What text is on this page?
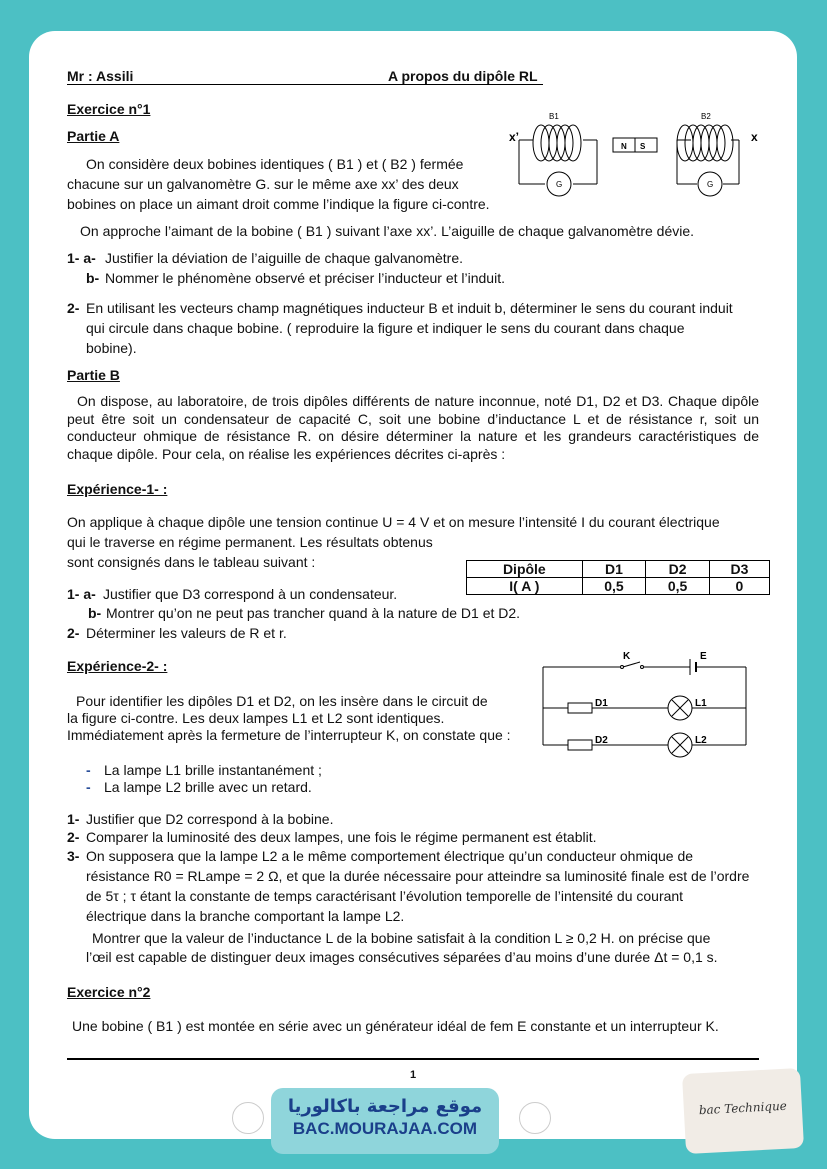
Mr : Assili	A propos du dipôle RL
Exercice n°1
Partie A
B1	B2
N S
G	G
x’	x
On considère deux bobines identiques ( B1 ) et ( B2 ) fermée
chacune sur un galvanomètre G. sur le même axe xx’ des deux
bobines on place un aimant droit comme l’indique la figure ci-contre.
On approche l’aimant de la bobine ( B1 ) suivant l’axe xx’. L’aiguille de chaque galvanomètre dévie.
1- a- Justifier la déviation de l’aiguille de chaque galvanomètre.
b- Nommer le phénomène observé et préciser l’inducteur et l’induit.
2- En utilisant les vecteurs champ magnétiques inducteur B et induit b, déterminer le sens du courant induit
qui circule dans chaque bobine. ( reproduire la figure et indiquer le sens du courant dans chaque
bobine).
Partie B
On dispose, au laboratoire, de trois dipôles différents de nature inconnue, noté D1, D2 et D3. Chaque dipôle peut être soit un condensateur de capacité C, soit une bobine d’inductance L et de résistance r, soit un conducteur ohmique de résistance R. on désire déterminer la nature et les grandeurs caractéristiques de chaque dipôle. Pour cela, on réalise les expériences décrites ci-après :
Expérience-1- :
On applique à chaque dipôle une tension continue U = 4 V et on mesure l’intensité I du courant électrique
qui le traverse en régime permanent. Les résultats obtenus
sont consignés dans le tableau suivant :	Dipôle	D1	D2	D3
I( A )	0,5	0,5	0
1- a- Justifier que D3 correspond à un condensateur.
b- Montrer qu’on ne peut pas trancher quand à la nature de D1 et D2.
2- Déterminer les valeurs de R et r.
Expérience-2- :
K	E
D1	L1
D2	L2
Pour identifier les dipôles D1 et D2, on les insère dans le circuit de
la figure ci-contre. Les deux lampes L1 et L2 sont identiques.
Immédiatement après la fermeture de l’interrupteur K, on constate que :
- La lampe L1 brille instantanément ;
- La lampe L2 brille avec un retard.
1- Justifier que D2 correspond à la bobine.
2- Comparer la luminosité des deux lampes, une fois le régime permanent est établit.
3- On supposera que la lampe L2 a le même comportement électrique qu’un conducteur ohmique de
résistance R0 = RLampe = 2 Ω, et que la durée nécessaire pour atteindre sa luminosité finale est de l’ordre
de 5τ ; τ étant la constante de temps caractérisant l’évolution temporelle de l’intensité du courant
électrique dans la branche comportant la lampe L2.
Montrer que la valeur de l’inductance L de la bobine satisfait à la condition L ≥ 0,2 H. on précise que
l’œil est capable de distinguer deux images consécutives séparées d’au moins d’une durée Δt = 0,1 s.
Exercice n°2
Une bobine ( B1 ) est montée en série avec un générateur idéal de fem E constante et un interrupteur K.
1
موقع مراجعة باكالوريا
BAC.MOURAJAA.COM
bac Technique
